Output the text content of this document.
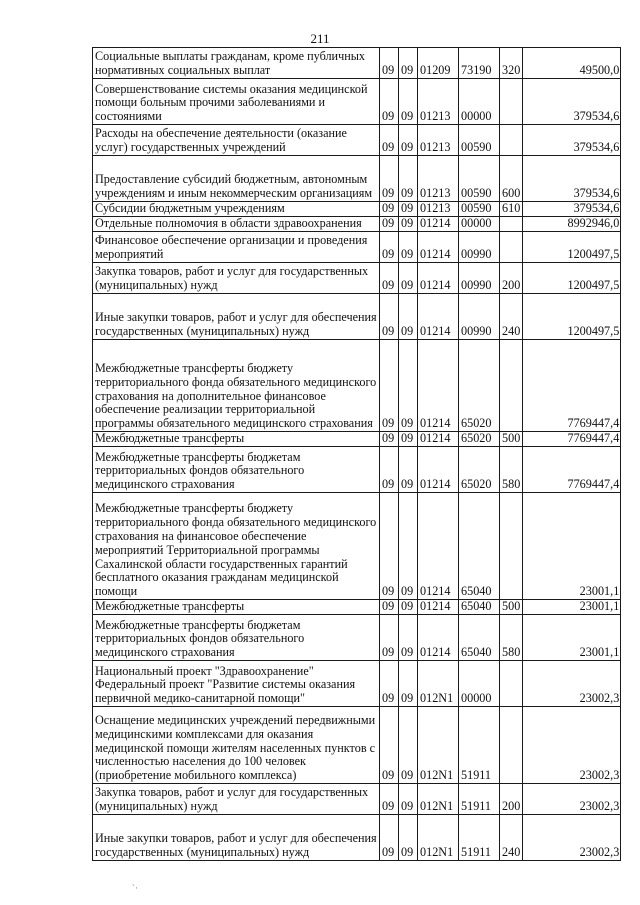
211
Социальные выплаты гражданам, кроме публичных нормативных социальных выплат	09	09	01209	73190	320	49500,0
Совершенствование системы оказания медицинской помощи больным прочими заболеваниями и состояниями	09	09	01213	00000		379534,6
Расходы на обеспечение деятельности (оказание услуг) государственных учреждений	09	09	01213	00590		379534,6
Предоставление субсидий бюджетным, автономным учреждениям и иным некоммерческим организациям	09	09	01213	00590	600	379534,6
Субсидии бюджетным учреждениям	09	09	01213	00590	610	379534,6
Отдельные полномочия в области здравоохранения	09	09	01214	00000		8992946,0
Финансовое обеспечение организации и проведения мероприятий	09	09	01214	00990		1200497,5
Закупка товаров, работ и услуг для государственных (муниципальных) нужд	09	09	01214	00990	200	1200497,5
Иные закупки товаров, работ и услуг для обеспечения государственных (муниципальных) нужд	09	09	01214	00990	240	1200497,5
Межбюджетные трансферты бюджету территориального фонда обязательного медицинского страхования на дополнительное финансовое обеспечение реализации территориальной программы обязательного медицинского страхования	09	09	01214	65020		7769447,4
Межбюджетные трансферты	09	09	01214	65020	500	7769447,4
Межбюджетные трансферты бюджетам территориальных фондов обязательного медицинского страхования	09	09	01214	65020	580	7769447,4
Межбюджетные трансферты бюджету территориального фонда обязательного медицинского страхования на финансовое обеспечение мероприятий Территориальной программы Сахалинской области государственных гарантий бесплатного оказания гражданам медицинской помощи	09	09	01214	65040		23001,1
Межбюджетные трансферты	09	09	01214	65040	500	23001,1
Межбюджетные трансферты бюджетам территориальных фондов обязательного медицинского страхования	09	09	01214	65040	580	23001,1
Национальный проект "Здравоохранение" Федеральный проект "Развитие системы оказания первичной медико-санитарной помощи"	09	09	012N1	00000		23002,3
Оснащение медицинских учреждений передвижными медицинскими комплексами для оказания медицинской помощи жителям населенных пунктов с численностью населения до 100 человек (приобретение мобильного комплекса)	09	09	012N1	51911		23002,3
Закупка товаров, работ и услуг для государственных (муниципальных) нужд	09	09	012N1	51911	200	23002,3
Иные закупки товаров, работ и услуг для обеспечения государственных (муниципальных) нужд	09	09	012N1	51911	240	23002,3
`·
